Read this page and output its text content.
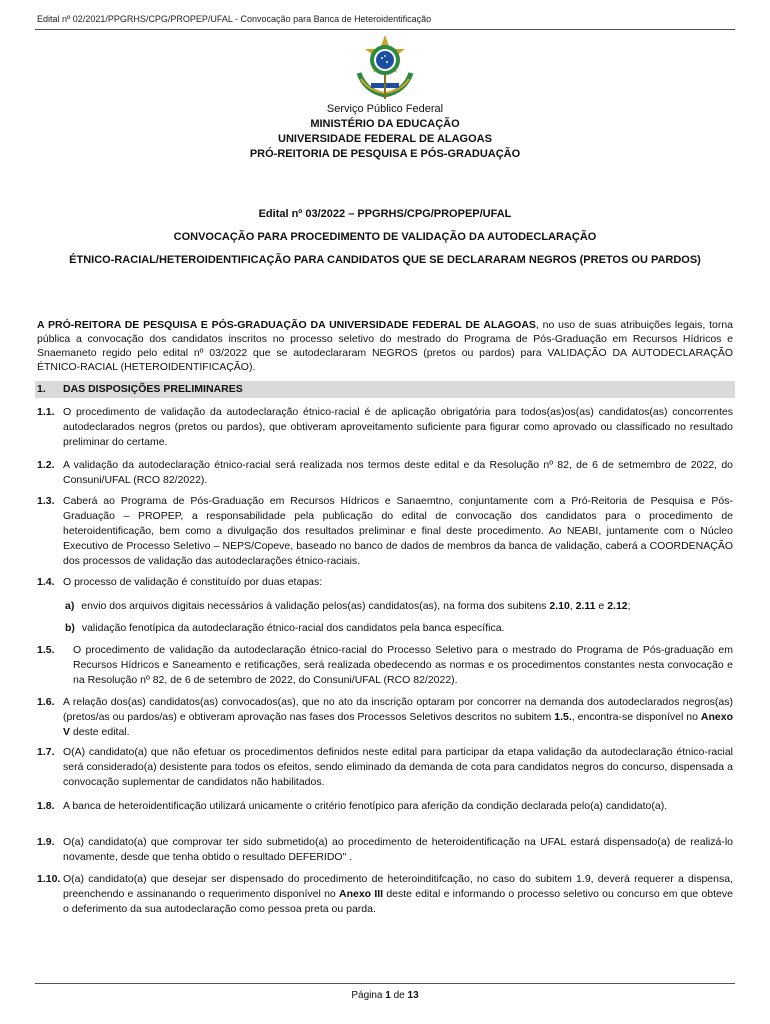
Edital nº 02/2021/PPGRHS/CPG/PROPEP/UFAL - Convocação para Banca de Heteroidentificação
Serviço Público Federal
MINISTÉRIO DA EDUCAÇÃO
UNIVERSIDADE FEDERAL DE ALAGOAS
PRÓ-REITORIA DE PESQUISA E PÓS-GRADUAÇÃO
Edital nº 03/2022 – PPGRHS/CPG/PROPEP/UFAL
CONVOCAÇÃO PARA PROCEDIMENTO DE VALIDAÇÃO DA AUTODECLARAÇÃO
ÉTNICO-RACIAL/HETEROIDENTIFICAÇÃO PARA CANDIDATOS QUE SE DECLARARAM NEGROS (PRETOS OU PARDOS)
A PRÓ-REITORA DE PESQUISA E PÓS-GRADUAÇÃO DA UNIVERSIDADE FEDERAL DE ALAGOAS, no uso de suas atribuições legais, torna pública a convocação dos candidatos inscritos no processo seletivo do mestrado do Programa de Pós-Graduação em Recursos Hídricos e Snaemaneto regido pelo edital nº 03/2022 que se autodeclararam NEGROS (pretos ou pardos) para VALIDAÇÃO DA AUTODECLARAÇÃO ÉTNICO-RACIAL (HETEROIDENTIFICAÇÃO).
1. DAS DISPOSIÇÕES PRELIMINARES
1.1. O procedimento de validação da autodeclaração étnico-racial é de aplicação obrigatória para todos(as)os(as) candidatos(as) concorrentes autodeclarados negros (pretos ou pardos), que obtiveram aproveitamento suficiente para figurar como aprovado ou classificado no resultado preliminar do certame.
1.2. A validação da autodeclaração étnico-racial será realizada nos termos deste edital e da Resolução nº 82, de 6 de setmembro de 2022, do Consuni/UFAL (RCO 82/2022).
1.3. Caberá ao Programa de Pós-Graduação em Recursos Hídricos e Sanaemtno, conjuntamente com a Pró-Reitoria de Pesquisa e Pós-Graduação – PROPEP, a responsabilidade pela publicação do edital de convocação dos candidatos para o procedimento de heteroidentificação, bem como a divulgação dos resultados preliminar e final deste procedimento. Ao NEABI, juntamente com o Núcleo Executivo de Processo Seletivo – NEPS/Copeve, baseado no banco de dados de membros da banca de validação, caberá a COORDENAÇÃO dos processos de validação das autodeclarações étnico-raciais.
1.4. O processo de validação é constituído por duas etapas:
a) envio dos arquivos digitais necessários à validação pelos(as) candidatos(as), na forma dos subitens 2.10, 2.11 e 2.12;
b) validação fenotípica da autodeclaração étnico-racial dos candidatos pela banca específica.
1.5. O procedimento de validação da autodeclaração étnico-racial do Processo Seletivo para o mestrado do Programa de Pós-graduação em Recursos Hídricos e Saneamento e retificações, será realizada obedecendo as normas e os procedimentos constantes nesta convocação e na Resolução nº 82, de 6 de setembro de 2022, do Consuni/UFAL (RCO 82/2022).
1.6. A relação dos(as) candidatos(as) convocados(as), que no ato da inscrição optaram por concorrer na demanda dos autodeclarados negros(as) (pretos/as ou pardos/as) e obtiveram aprovação nas fases dos Processos Seletivos descritos no subitem 1.5., encontra-se disponível no Anexo V deste edital.
1.7. O(A) candidato(a) que não efetuar os procedimentos definidos neste edital para participar da etapa validação da autodeclaração étnico-racial será considerado(a) desistente para todos os efeitos, sendo eliminado da demanda de cota para candidatos negros do concurso, dispensada a convocação suplementar de candidatos não habilitados.
1.8. A banca de heteroidentificação utilizará unicamente o critério fenotípico para aferição da condição declarada pelo(a) candidato(a).
1.9. O(a) candidato(a) que comprovar ter sido submetido(a) ao procedimento de heteroidentificação na UFAL estará dispensado(a) de realizá-lo novamente, desde que tenha obtido o resultado DEFERIDO" .
1.10. O(a) candidato(a) que desejar ser dispensado do procedimento de heteroinditifcação, no caso do subitem 1.9, deverá requerer a dispensa, preenchendo e assinanando o requerimento disponível no Anexo III deste edital e informando o processo seletivo ou concurso em que obteve o deferimento da sua autodeclaração como pessoa preta ou parda.
Página 1 de 13
